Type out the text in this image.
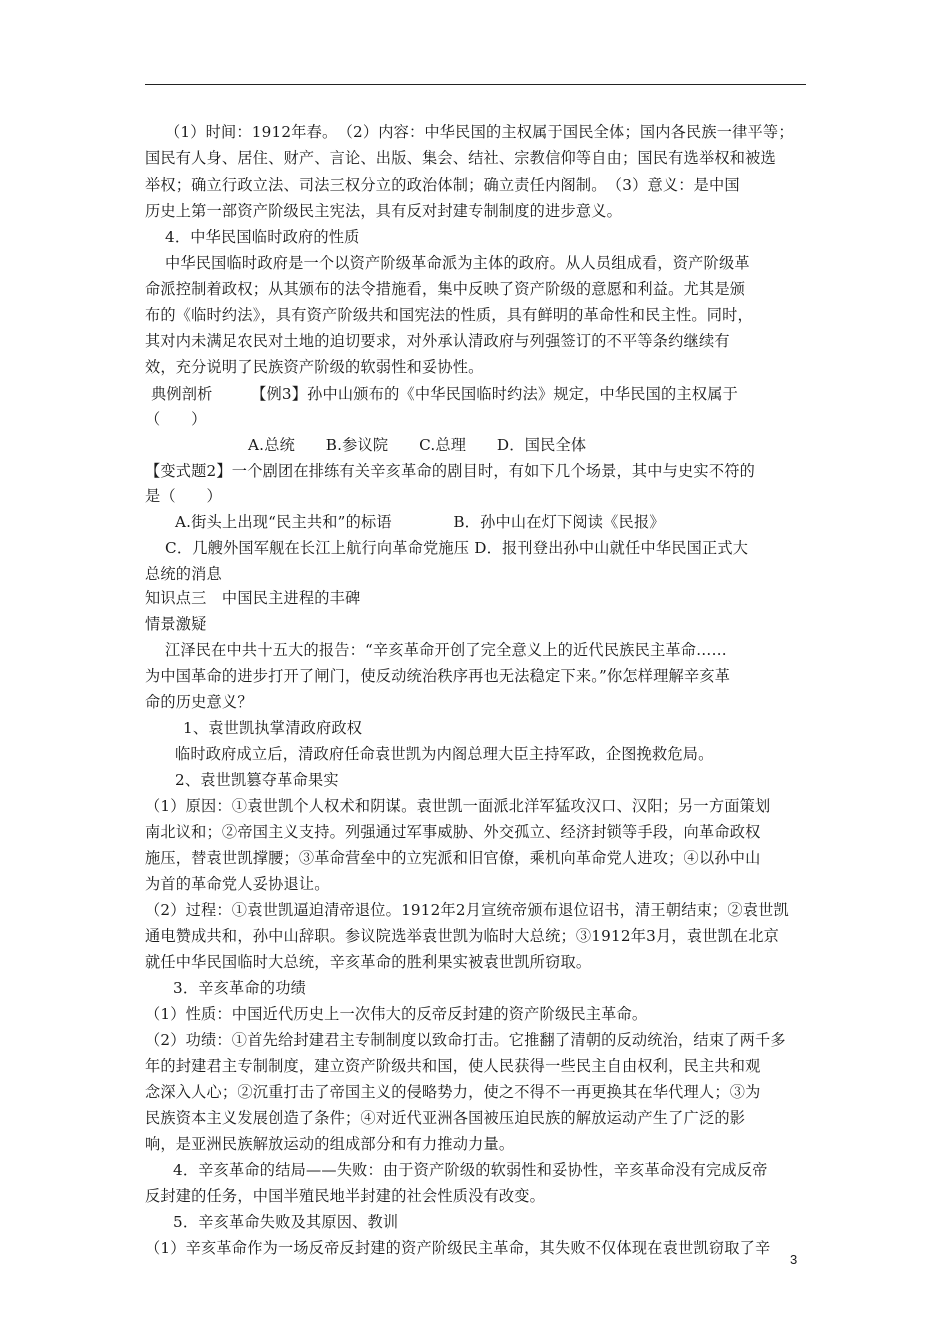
（1）时间：1912年春。　（2）内容：中华民国的主权属于国民全体；国内各民族一律平等；
国民有人身、居住、财产、言论、出版、集会、结社、宗教信仰等自由；国民有选举权和被选
举权；确立行政立法、司法三权分立的政治体制；确立责任内阁制。　（3）意义：是中国
历史上第一部资产阶级民主宪法，具有反对封建专制制度的进步意义。
4．中华民国临时政府的性质
中华民国临时政府是一个以资产阶级革命派为主体的政府。从人员组成看，资产阶级革
命派控制着政权；从其颁布的法令措施看，集中反映了资产阶级的意愿和利益。尤其是颁
布的《临时约法》，具有资产阶级共和国宪法的性质，具有鲜明的革命性和民主性。同时，
其对内未满足农民对土地的迫切要求，对外承认清政府与列强签订的不平等条约继续有
效，充分说明了民族资产阶级的软弱性和妥协性。
典例剖析　　　【例3】孙中山颁布的《中华民国临时约法》规定，中华民国的主权属于
（　　）
A.总统　　B.参议院　　C.总理　　D．国民全体
【变式题2】一个剧团在排练有关辛亥革命的剧目时，有如下几个场景，其中与史实不符的
是（　　）
A.街头上出现“民主共和”的标语　　　　B．孙中山在灯下阅读《民报》
C．几艘外国军舰在长江上航行向革命党施压 D．报刊登出孙中山就任中华民国正式大
总统的消息
知识点三　中国民主进程的丰碑
情景激疑
江泽民在中共十五大的报告：“辛亥革命开创了完全意义上的近代民族民主革命……
为中国革命的进步打开了闸门，使反动统治秩序再也无法稳定下来。”你怎样理解辛亥革
命的历史意义？
1、袁世凯执掌清政府政权
临时政府成立后，清政府任命袁世凯为内阁总理大臣主持军政，企图挽救危局。
2、袁世凯篡夺革命果实
（1）原因：①袁世凯个人权术和阴谋。袁世凯一面派北洋军猛攻汉口、汉阳；另一方面策划
南北议和；②帝国主义支持。列强通过军事威胁、外交孤立、经济封锁等手段，向革命政权
施压，替袁世凯撑腰；③革命营垒中的立宪派和旧官僚，乘机向革命党人进攻；④以孙中山
为首的革命党人妥协退让。
（2）过程：①袁世凯逼迫清帝退位。1912年2月宣统帝颁布退位诏书，清王朝结束；②袁世凯
通电赞成共和，孙中山辞职。参议院选举袁世凯为临时大总统；③1912年3月，袁世凯在北京
就任中华民国临时大总统，辛亥革命的胜利果实被袁世凯所窃取。
3．辛亥革命的功绩
（1）性质：中国近代历史上一次伟大的反帝反封建的资产阶级民主革命。
（2）功绩：①首先给封建君主专制制度以致命打击。它推翻了清朝的反动统治，结束了两千多
年的封建君主专制制度，建立资产阶级共和国，使人民获得一些民主自由权利，民主共和观
念深入人心；②沉重打击了帝国主义的侵略势力，使之不得不一再更换其在华代理人；③为
民族资本主义发展创造了条件；④对近代亚洲各国被压迫民族的解放运动产生了广泛的影
响，是亚洲民族解放运动的组成部分和有力推动力量。
4．辛亥革命的结局——失败：由于资产阶级的软弱性和妥协性，辛亥革命没有完成反帝
反封建的任务，中国半殖民地半封建的社会性质没有改变。
5．辛亥革命失败及其原因、教训
（1）辛亥革命作为一场反帝反封建的资产阶级民主革命，其失败不仅体现在袁世凯窃取了辛
3
